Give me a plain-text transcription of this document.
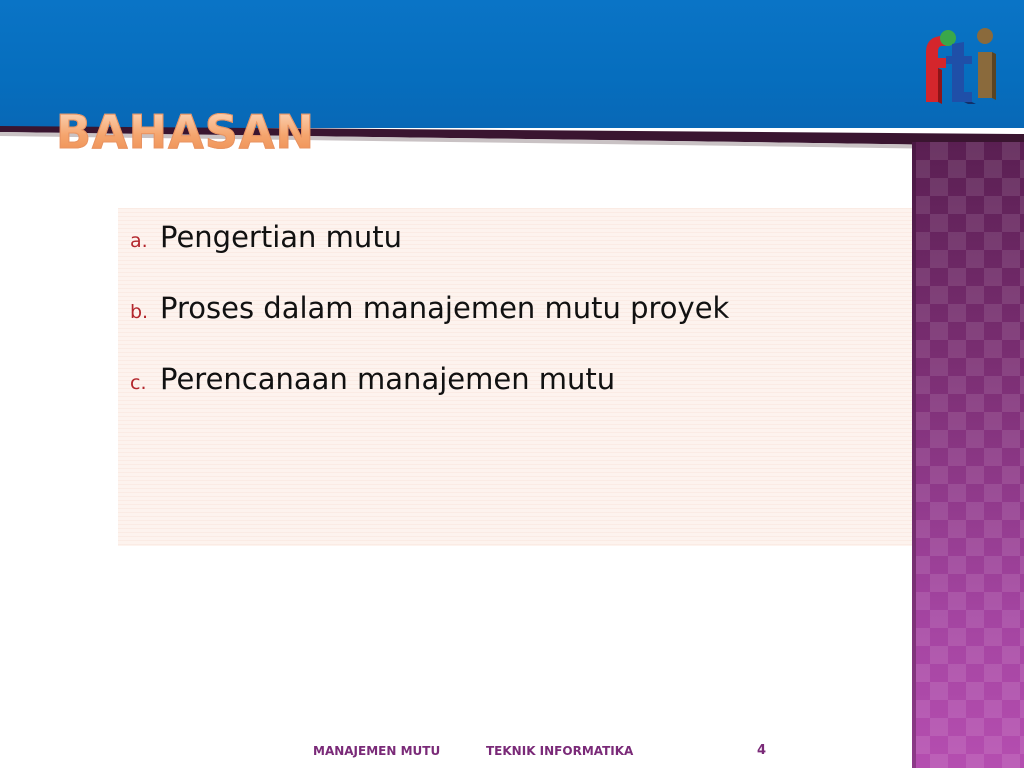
BAHASAN
a. Pengertian mutu
b. Proses dalam manajemen mutu proyek
c. Perencanaan manajemen mutu
MANAJEMEN MUTU	TEKNIK INFORMATIKA	4
